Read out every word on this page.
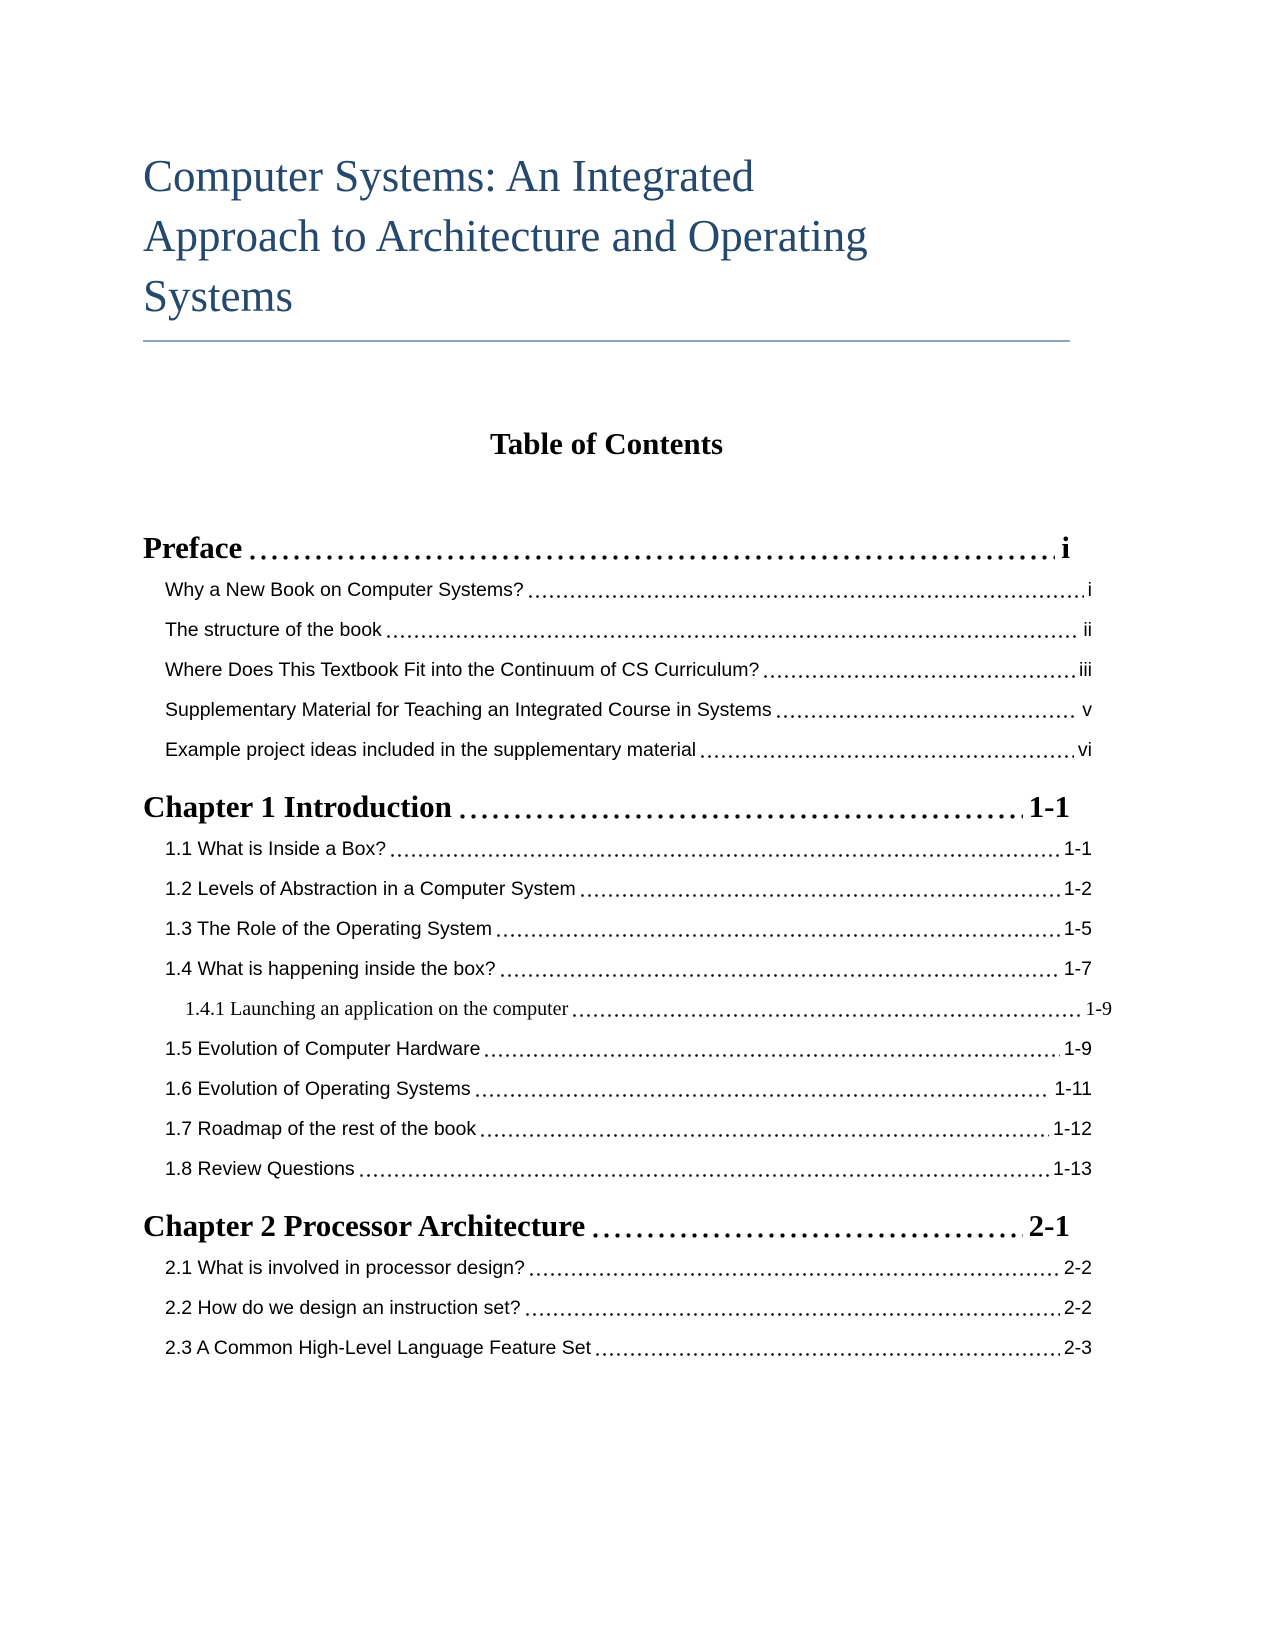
Computer Systems: An Integrated
Approach to Architecture and Operating
Systems
Table of Contents
Preface	i
Why a New Book on Computer Systems?	i
The structure of the book	ii
Where Does This Textbook Fit into the Continuum of CS Curriculum?	iii
Supplementary Material for Teaching an Integrated Course in Systems	v
Example project ideas included in the supplementary material	vi
Chapter 1 Introduction	1-1
1.1 What is Inside a Box?	1-1
1.2 Levels of Abstraction in a Computer System	1-2
1.3 The Role of the Operating System	1-5
1.4 What is happening inside the box?	1-7
1.4.1 Launching an application on the computer	1-9
1.5 Evolution of Computer Hardware	1-9
1.6 Evolution of Operating Systems	1-11
1.7 Roadmap of the rest of the book	1-12
1.8 Review Questions	1-13
Chapter 2 Processor Architecture	2-1
2.1 What is involved in processor design?	2-2
2.2 How do we design an instruction set?	2-2
2.3 A Common High-Level Language Feature Set	2-3
